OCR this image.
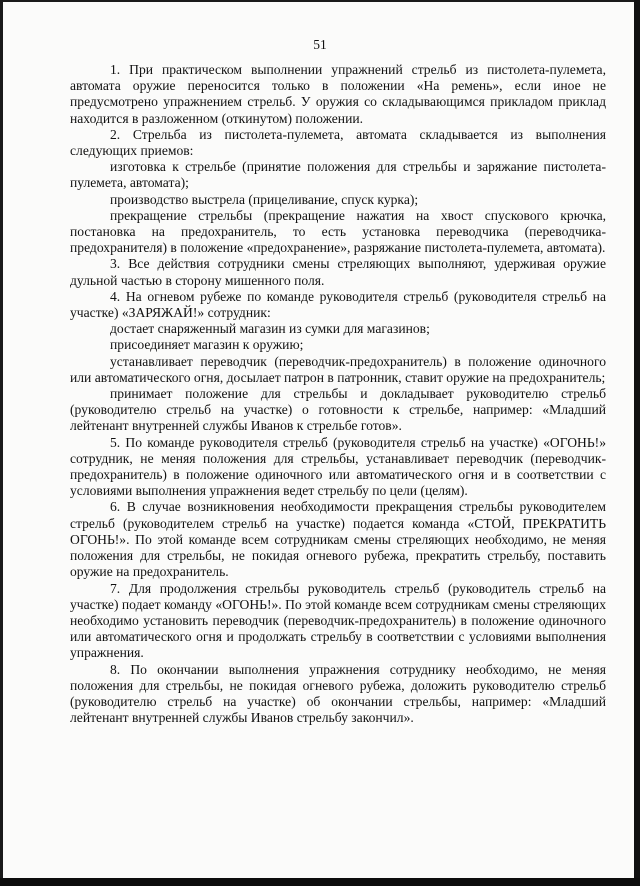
51

1. При практическом выполнении упражнений стрельб из пистолета-пулемета, автомата оружие переносится только в положении «На ремень», если иное не предусмотрено упражнением стрельб. У оружия со складывающимся прикладом приклад находится в разложенном (откинутом) положении.

2. Стрельба из пистолета-пулемета, автомата складывается из выполнения следующих приемов:

изготовка к стрельбе (принятие положения для стрельбы и заряжание пистолета-пулемета, автомата);

производство выстрела (прицеливание, спуск курка);

прекращение стрельбы (прекращение нажатия на хвост спускового крючка, постановка на предохранитель, то есть установка переводчика (переводчика-предохранителя) в положение «предохранение», разряжание пистолета-пулемета, автомата).

3. Все действия сотрудники смены стреляющих выполняют, удерживая оружие дульной частью в сторону мишенного поля.

4. На огневом рубеже по команде руководителя стрельб (руководителя стрельб на участке) «ЗАРЯЖАЙ!» сотрудник:

достает снаряженный магазин из сумки для магазинов;

присоединяет магазин к оружию;

устанавливает переводчик (переводчик-предохранитель) в положение одиночного или автоматического огня, досылает патрон в патронник, ставит оружие на предохранитель;

принимает положение для стрельбы и докладывает руководителю стрельб (руководителю стрельб на участке) о готовности к стрельбе, например: «Младший лейтенант внутренней службы Иванов к стрельбе готов».

5. По команде руководителя стрельб (руководителя стрельб на участке) «ОГОНЬ!» сотрудник, не меняя положения для стрельбы, устанавливает переводчик (переводчик-предохранитель) в положение одиночного или автоматического огня и в соответствии с условиями выполнения упражнения ведет стрельбу по цели (целям).

6. В случае возникновения необходимости прекращения стрельбы руководителем стрельб (руководителем стрельб на участке) подается команда «СТОЙ, ПРЕКРАТИТЬ ОГОНЬ!». По этой команде всем сотрудникам смены стреляющих необходимо, не меняя положения для стрельбы, не покидая огневого рубежа, прекратить стрельбу, поставить оружие на предохранитель.

7. Для продолжения стрельбы руководитель стрельб (руководитель стрельб на участке) подает команду «ОГОНЬ!». По этой команде всем сотрудникам смены стреляющих необходимо установить переводчик (переводчик-предохранитель) в положение одиночного или автоматического огня и продолжать стрельбу в соответствии с условиями выполнения упражнения.

8. По окончании выполнения упражнения сотруднику необходимо, не меняя положения для стрельбы, не покидая огневого рубежа, доложить руководителю стрельб (руководителю стрельб на участке) об окончании стрельбы, например: «Младший лейтенант внутренней службы Иванов стрельбу закончил».
